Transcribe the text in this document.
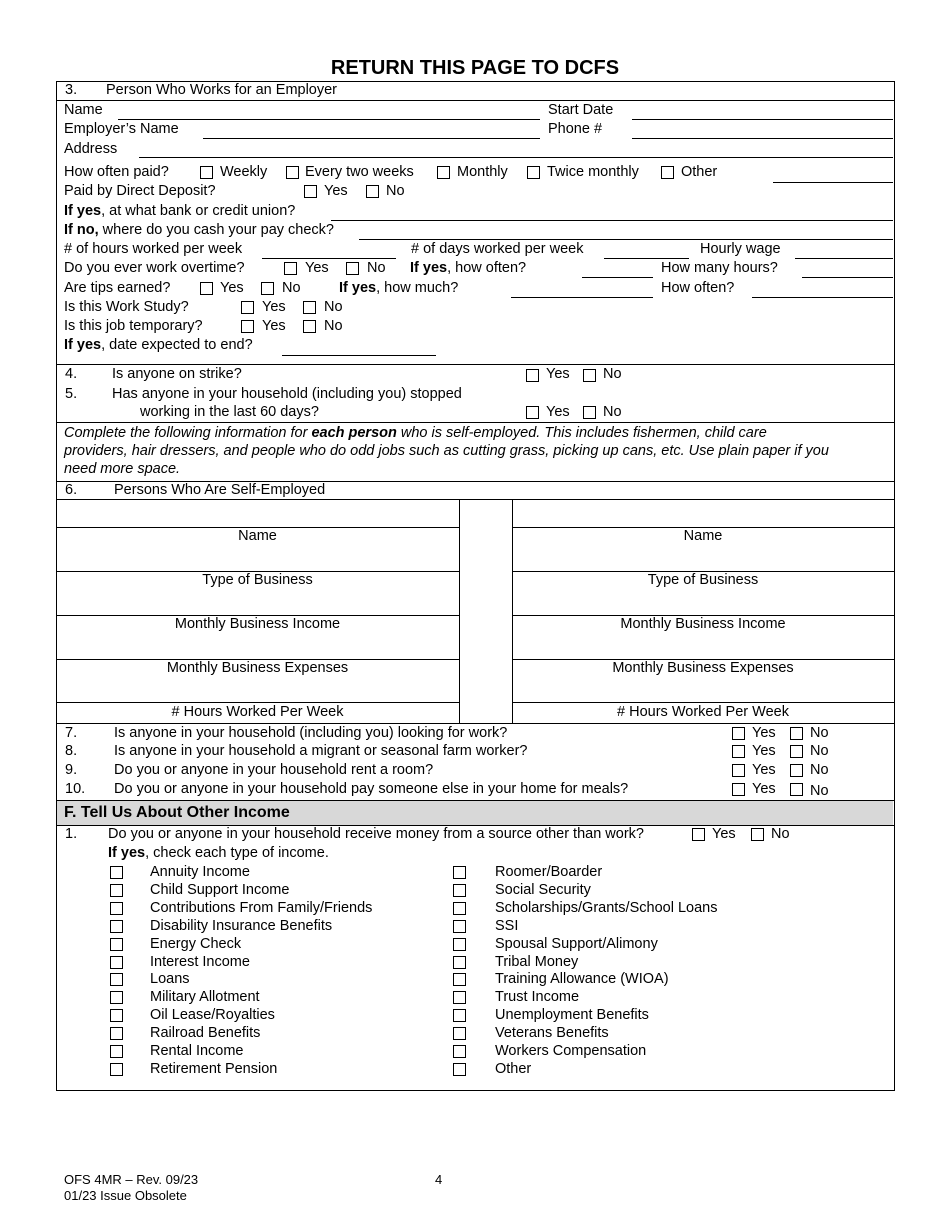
RETURN THIS PAGE TO DCFS
3. Person Who Works for an Employer
Name	Start Date
Employer’s Name	Phone #
Address
How often paid?	Weekly	Every two weeks	Monthly	Twice monthly	Other
Paid by Direct Deposit?	Yes	No
If yes, at what bank or credit union?
If no, where do you cash your pay check?
# of hours worked per week	# of days worked per week	Hourly wage
Do you ever work overtime?	Yes	No If yes, how often?	How many hours?
Are tips earned?	Yes	No	If yes, how much?	How often?
Is this Work Study?	Yes	No
Is this job temporary?	Yes	No
If yes, date expected to end?
4. Is anyone on strike?	Yes No
5. Has anyone in your household (including you) stopped
working in the last 60 days?	Yes No
Complete the following information for each person who is self-employed. This includes fishermen, child care
providers, hair dressers, and people who do odd jobs such as cutting grass, picking up cans, etc. Use plain paper if you
need more space.
6.	Persons Who Are Self-Employed
Name
Type of Business
Monthly Business Income
Monthly Business Expenses
# Hours Worked Per Week
Name
Type of Business
Monthly Business Income
Monthly Business Expenses
# Hours Worked Per Week
7.	Is anyone in your household (including you) looking for work?	Yes No
8.	Is anyone in your household a migrant or seasonal farm worker?	Yes No
9.	Do you or anyone in your household rent a room?	Yes No
10. Do you or anyone in your household pay someone else in your home for meals?	Yes No
F. Tell Us About Other Income
1. Do you or anyone in your household receive money from a source other than work?	Yes No
If yes, check each type of income.
Annuity Income
Child Support Income
Contributions From Family/Friends
Disability Insurance Benefits
Energy Check
Interest Income
Loans
Military Allotment
Oil Lease/Royalties
Railroad Benefits
Rental Income
Retirement Pension
Roomer/Boarder
Social Security
Scholarships/Grants/School Loans
SSI
Spousal Support/Alimony
Tribal Money
Training Allowance (WIOA)
Trust Income
Unemployment Benefits
Veterans Benefits
Workers Compensation
Other
OFS 4MR – Rev. 09/23
01/23 Issue Obsolete
4
